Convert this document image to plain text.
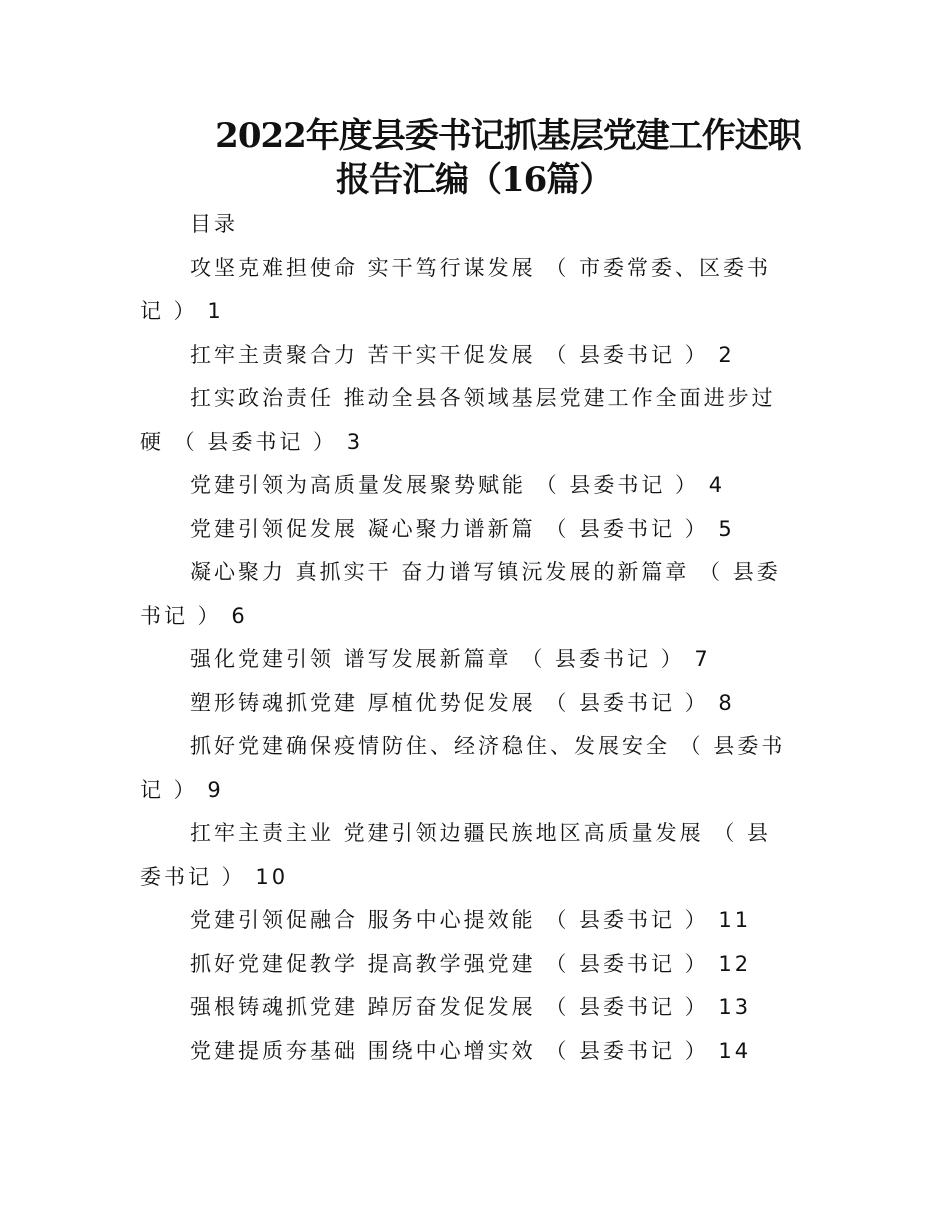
2022年度县委书记抓基层党建工作述职
报告汇编（16篇）
目录
攻坚克难担使命 实干笃行谋发展 （ 市委常委、区委书
记 ） 1
扛牢主责聚合力 苦干实干促发展 （ 县委书记 ） 2
扛实政治责任 推动全县各领域基层党建工作全面进步过
硬 （ 县委书记 ） 3
党建引领为高质量发展聚势赋能 （ 县委书记 ） 4
党建引领促发展 凝心聚力谱新篇 （ 县委书记 ） 5
凝心聚力 真抓实干 奋力谱写镇沅发展的新篇章 （ 县委
书记 ） 6
强化党建引领 谱写发展新篇章 （ 县委书记 ） 7
塑形铸魂抓党建 厚植优势促发展 （ 县委书记 ） 8
抓好党建确保疫情防住、经济稳住、发展安全 （ 县委书
记 ） 9
扛牢主责主业 党建引领边疆民族地区高质量发展 （ 县
委书记 ） 10
党建引领促融合 服务中心提效能 （ 县委书记 ） 11
抓好党建促教学 提高教学强党建 （ 县委书记 ） 12
强根铸魂抓党建 踔厉奋发促发展 （ 县委书记 ） 13
党建提质夯基础 围绕中心增实效 （ 县委书记 ） 14
